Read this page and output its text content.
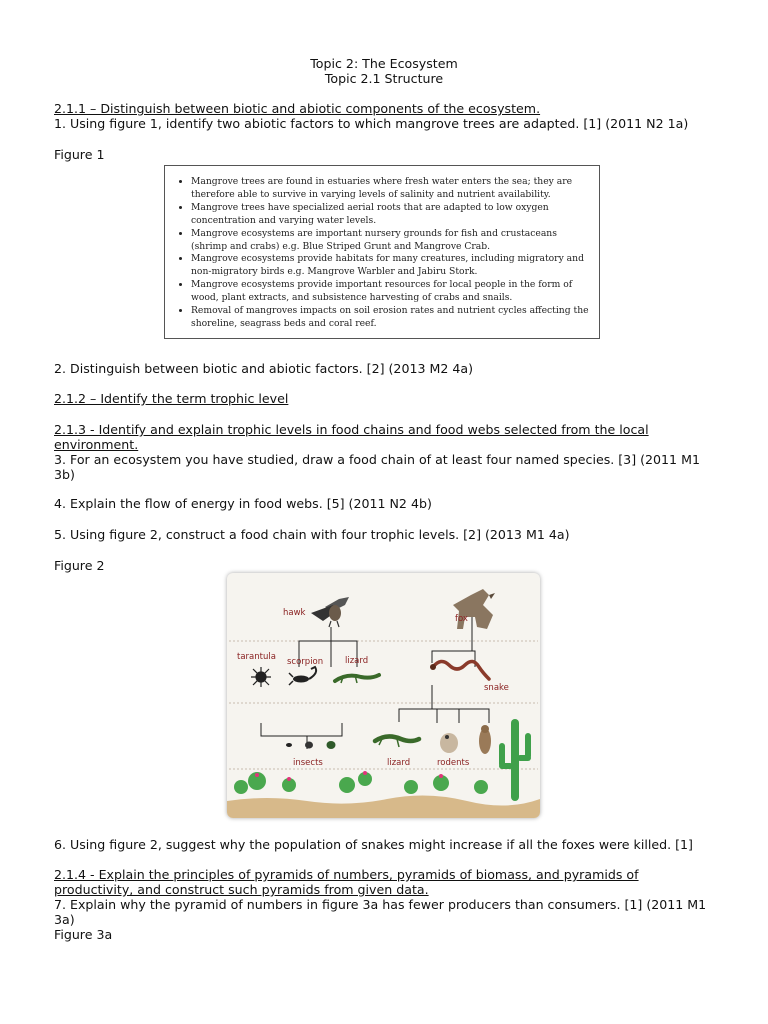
Topic 2: The Ecosystem
Topic 2.1 Structure
2.1.1 – Distinguish between biotic and abiotic components of the ecosystem.
1. Using figure 1, identify two abiotic factors to which mangrove trees are adapted. [1] (2011 N2 1a)
Figure 1
• Mangrove trees are found in estuaries where fresh water enters the sea; they are therefore able to survive in varying levels of salinity and nutrient availability.
• Mangrove trees have specialized aerial roots that are adapted to low oxygen concentration and varying water levels.
• Mangrove ecosystems are important nursery grounds for fish and crustaceans (shrimp and crabs) e.g. Blue Striped Grunt and Mangrove Crab.
• Mangrove ecosystems provide habitats for many creatures, including migratory and non-migratory birds e.g. Mangrove Warbler and Jabiru Stork.
• Mangrove ecosystems provide important resources for local people in the form of wood, plant extracts, and subsistence harvesting of crabs and snails.
• Removal of mangroves impacts on soil erosion rates and nutrient cycles affecting the shoreline, seagrass beds and coral reef.
2. Distinguish between biotic and abiotic factors. [2] (2013 M2 4a)
2.1.2 – Identify the term trophic level
2.1.3 - Identify and explain trophic levels in food chains and food webs selected from the local
environment.
3. For an ecosystem you have studied, draw a food chain of at least four named species. [3] (2011 M1
3b)
4. Explain the flow of energy in food webs. [5] (2011 N2 4b)
5. Using figure 2, construct a food chain with four trophic levels. [2] (2013 M1 4a)
Figure 2
hawk
fox
tarantula scorpion	lizard
snake
insects	lizard	rodents
6. Using figure 2, suggest why the population of snakes might increase if all the foxes were killed. [1]
2.1.4 - Explain the principles of pyramids of numbers, pyramids of biomass, and pyramids of
productivity, and construct such pyramids from given data.
7. Explain why the pyramid of numbers in figure 3a has fewer producers than consumers. [1] (2011 M1
3a)
Figure 3a
